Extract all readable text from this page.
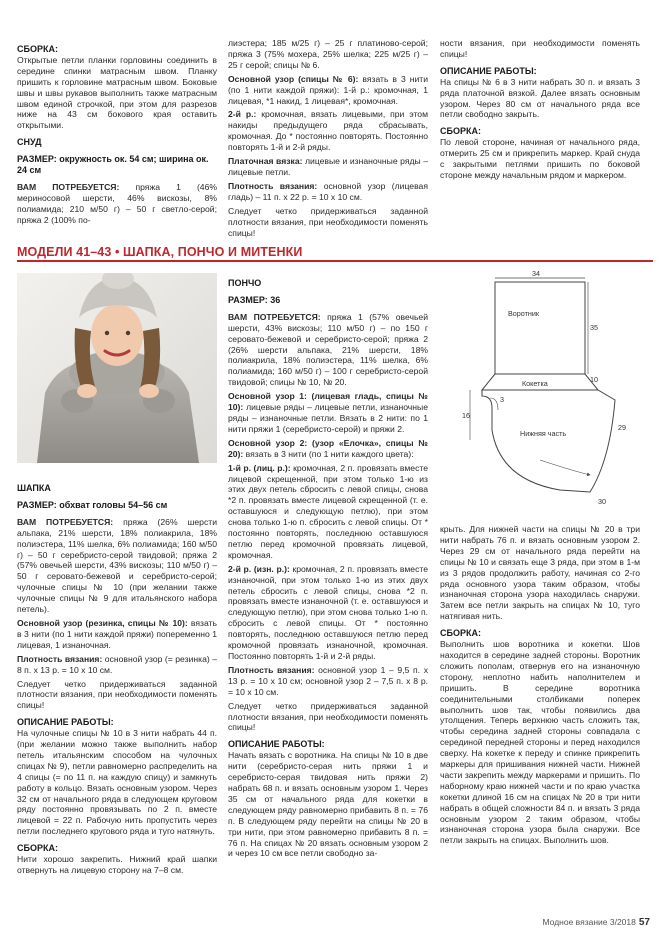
СБОРКА:

Открытые петли планки горловины соединить в середине спинки матрасным швом. Планку пришить к горловине матрасным швом. Боковые швы и швы рукавов выполнить также матрасным швом единой строчкой, при этом для разрезов ниже на 43 см бокового края оставить открытыми.

СНУД
РАЗМЕР: окружность ок. 54 см; ширина ок. 24 см

ВАМ ПОТРЕБУЕТСЯ: пряжа 1 (46% мериносовой шерсти, 46% вискозы, 8% полиамида; 210 м/50 г) – 50 г светло-серой; пряжа 2 (100% по-

лиэстера; 185 м/25 г) – 25 г платиново-серой; пряжа 3 (75% мохера, 25% шелка; 225 м/25 г) – 25 г серой; спицы № 6.

Основной узор (спицы № 6): вязать в 3 нити (по 1 нити каждой пряжи): 1-й р.: кромочная, 1 лицевая, *1 накид, 1 лицевая*, кромочная.

2-й р.: кромочная, вязать лицевыми, при этом накиды предыдущего ряда сбрасывать, кромочная. До * постоянно повторять. Постоянно повторять 1-й и 2-й ряды.

Платочная вязка: лицевые и изнаночные ряды – лицевые петли.

Плотность вязания: основной узор (лицевая гладь) – 11 п. х 22 р. = 10 х 10 см.

Следует четко придерживаться заданной плотности вязания, при необходимости поменять спицы!

ности вязания, при необходимости поменять спицы!

ОПИСАНИЕ РАБОТЫ:

На спицы № 6 в 3 нити набрать 30 п. и вязать 3 ряда платочной вязкой. Далее вязать основным узором. Через 80 см от начального ряда все петли свободно закрыть.

СБОРКА:

По левой стороне, начиная от начального ряда, отмерить 25 см и прикрепить маркер. Край снуда с закрытыми петлями пришить по боковой стороне между начальным рядом и маркером.

МОДЕЛИ 41–43 • ШАПКА, ПОНЧО И МИТЕНКИ
ПОНЧО
РАЗМЕР: 36

ВАМ ПОТРЕБУЕТСЯ: пряжа 1 (57% овечьей шерсти, 43% вискозы; 110 м/50 г) – по 150 г серовато-бежевой и серебристо-серой; пряжа 2 (26% шерсти альпака, 21% шерсти, 18% полиакрила, 18% полиэстера, 11% шелка, 6% полиамида; 160 м/50 г) – 100 г серебристо-серой твидовой; спицы № 10, № 20.

Основной узор 1: (лицевая гладь, спицы № 10): лицевые ряды – лицевые петли, изнаночные ряды – изнаночные петли. Вязать в 2 нити: по 1 нити пряжи 1 (серебристо-серой) и пряжи 2.

Основной узор 2: (узор «Елочка», спицы № 20): вязать в 3 нити (по 1 нити каждого цвета):

1-й р. (лиц. р.): кромочная, 2 п. провязать вместе лицевой скрещенной, при этом только 1-ю из этих двух петель сбросить с левой спицы, снова *2 п. провязать вместе лицевой скрещенной (т. е. оставшуюся и следующую петлю), при этом снова только 1-ю п. сбросить с левой спицы. От * постоянно повторять, последнюю оставшуюся петлю перед кромочной провязать лицевой, кромочная.

2-й р. (изн. р.): кромочная, 2 п. провязать вместе изнаночной, при этом только 1-ю из этих двух петель сбросить с левой спицы, снова *2 п. провязать вместе изнаночной (т. е. оставшуюся и следующую петлю), при этом снова только 1-ю п. сбросить с левой спицы. От * постоянно повторять, последнюю оставшуюся петлю перед кромочной провязать изнаночной, кромочная. Постоянно повторять 1-й и 2-й ряды.

Плотность вязания: основной узор 1 – 9,5 п. х 13 р. = 10 х 10 см; основной узор 2 – 7,5 п. х 8 р. = 10 х 10 см.

Следует четко придерживаться заданной плотности вязания, при необходимости поменять спицы!

ОПИСАНИЕ РАБОТЫ:

Начать вязать с воротника. На спицы № 10 в две нити (серебристо-серая нить пряжи 1 и серебристо-серая твидовая нить пряжи 2) набрать 68 п. и вязать основным узором 1. Через 35 см от начального ряда для кокетки в следующем ряду равномерно прибавить 8 п. = 76 п. В следующем ряду перейти на спицы № 20 в три нити, при этом равномерно прибавить 8 п. = 76 п. На спицах № 20 вязать основным узором 2 и через 10 см все петли свободно за-

ШАПКА
РАЗМЕР: обхват головы 54–56 см

ВАМ ПОТРЕБУЕТСЯ: пряжа (26% шерсти альпака, 21% шерсти, 18% полиакрила, 18% полиэстера, 11% шелка, 6% полиамида; 160 м/50 г) – 50 г серебристо-серой твидовой; пряжа 2 (57% овечьей шерсти, 43% вискозы; 110 м/50 г) – 50 г серовато-бежевой и серебристо-серой; чулочные спицы № 10 (при желании также чулочные спицы № 9 для итальянского набора петель).

Основной узор (резинка, спицы № 10): вязать в 3 нити (по 1 нити каждой пряжи) попеременно 1 лицевая, 1 изнаночная.

Плотность вязания: основной узор (= резинка) – 8 п. х 13 р. = 10 х 10 см.

Следует четко придерживаться заданной плотности вязания, при необходимости поменять спицы!

ОПИСАНИЕ РАБОТЫ:

На чулочные спицы № 10 в 3 нити набрать 44 п. (при желании можно также выполнить набор петель итальянским способом на чулочных спицах № 9), петли равномерно распределить на 4 спицы (= по 11 п. на каждую спицу) и замкнуть работу в кольцо. Вязать основным узором. Через 32 см от начального ряда в следующем круговом ряду постоянно провязывать по 2 п. вместе лицевой = 22 п. Рабочую нить пропустить через петли последнего кругового ряда и туго натянуть.

СБОРКА:

Нити хорошо закрепить. Нижний край шапки отвернуть на лицевую сторону на 7–8 см.

крыть. Для нижней части на спицы № 20 в три нити набрать 76 п. и вязать основным узором 2. Через 29 см от начального ряда перейти на спицы № 10 и связать еще 3 ряда, при этом в 1-м из 3 рядов продолжить работу, начиная со 2-го ряда основного узора таким образом, чтобы изнаночная сторона узора находилась снаружи. Затем все петли закрыть на спицах № 10, туго натягивая нить.

СБОРКА:

Выполнить шов воротника и кокетки. Шов находится в середине задней стороны. Воротник сложить пополам, отвернув его на изнаночную сторону, неплотно набить наполнителем и пришить. В середине воротника соединительными столбиками поперек выполнить шов так, чтобы появились два утолщения. Теперь верхнюю часть сложить так, чтобы середина задней стороны совпадала с серединой передней стороны и перед находился сверху. На кокетке к переду и спинке прикрепить маркеры для пришивания нижней части. Нижней части закрепить между маркерами и пришить. По наборному краю нижней части и по краю участка кокетки длиной 16 см на спицах № 20 в три нити набрать в общей сложности 84 п. и вязать 3 ряда основным узором 2 таким образом, чтобы изнаночная сторона узора была снаружи. Все петли закрыть на спицах. Выполнить шов.

34
Воротник
35
Кокетка	10
16
Нижняя часть
29
3
30
Модное вязание 3/2018 57
